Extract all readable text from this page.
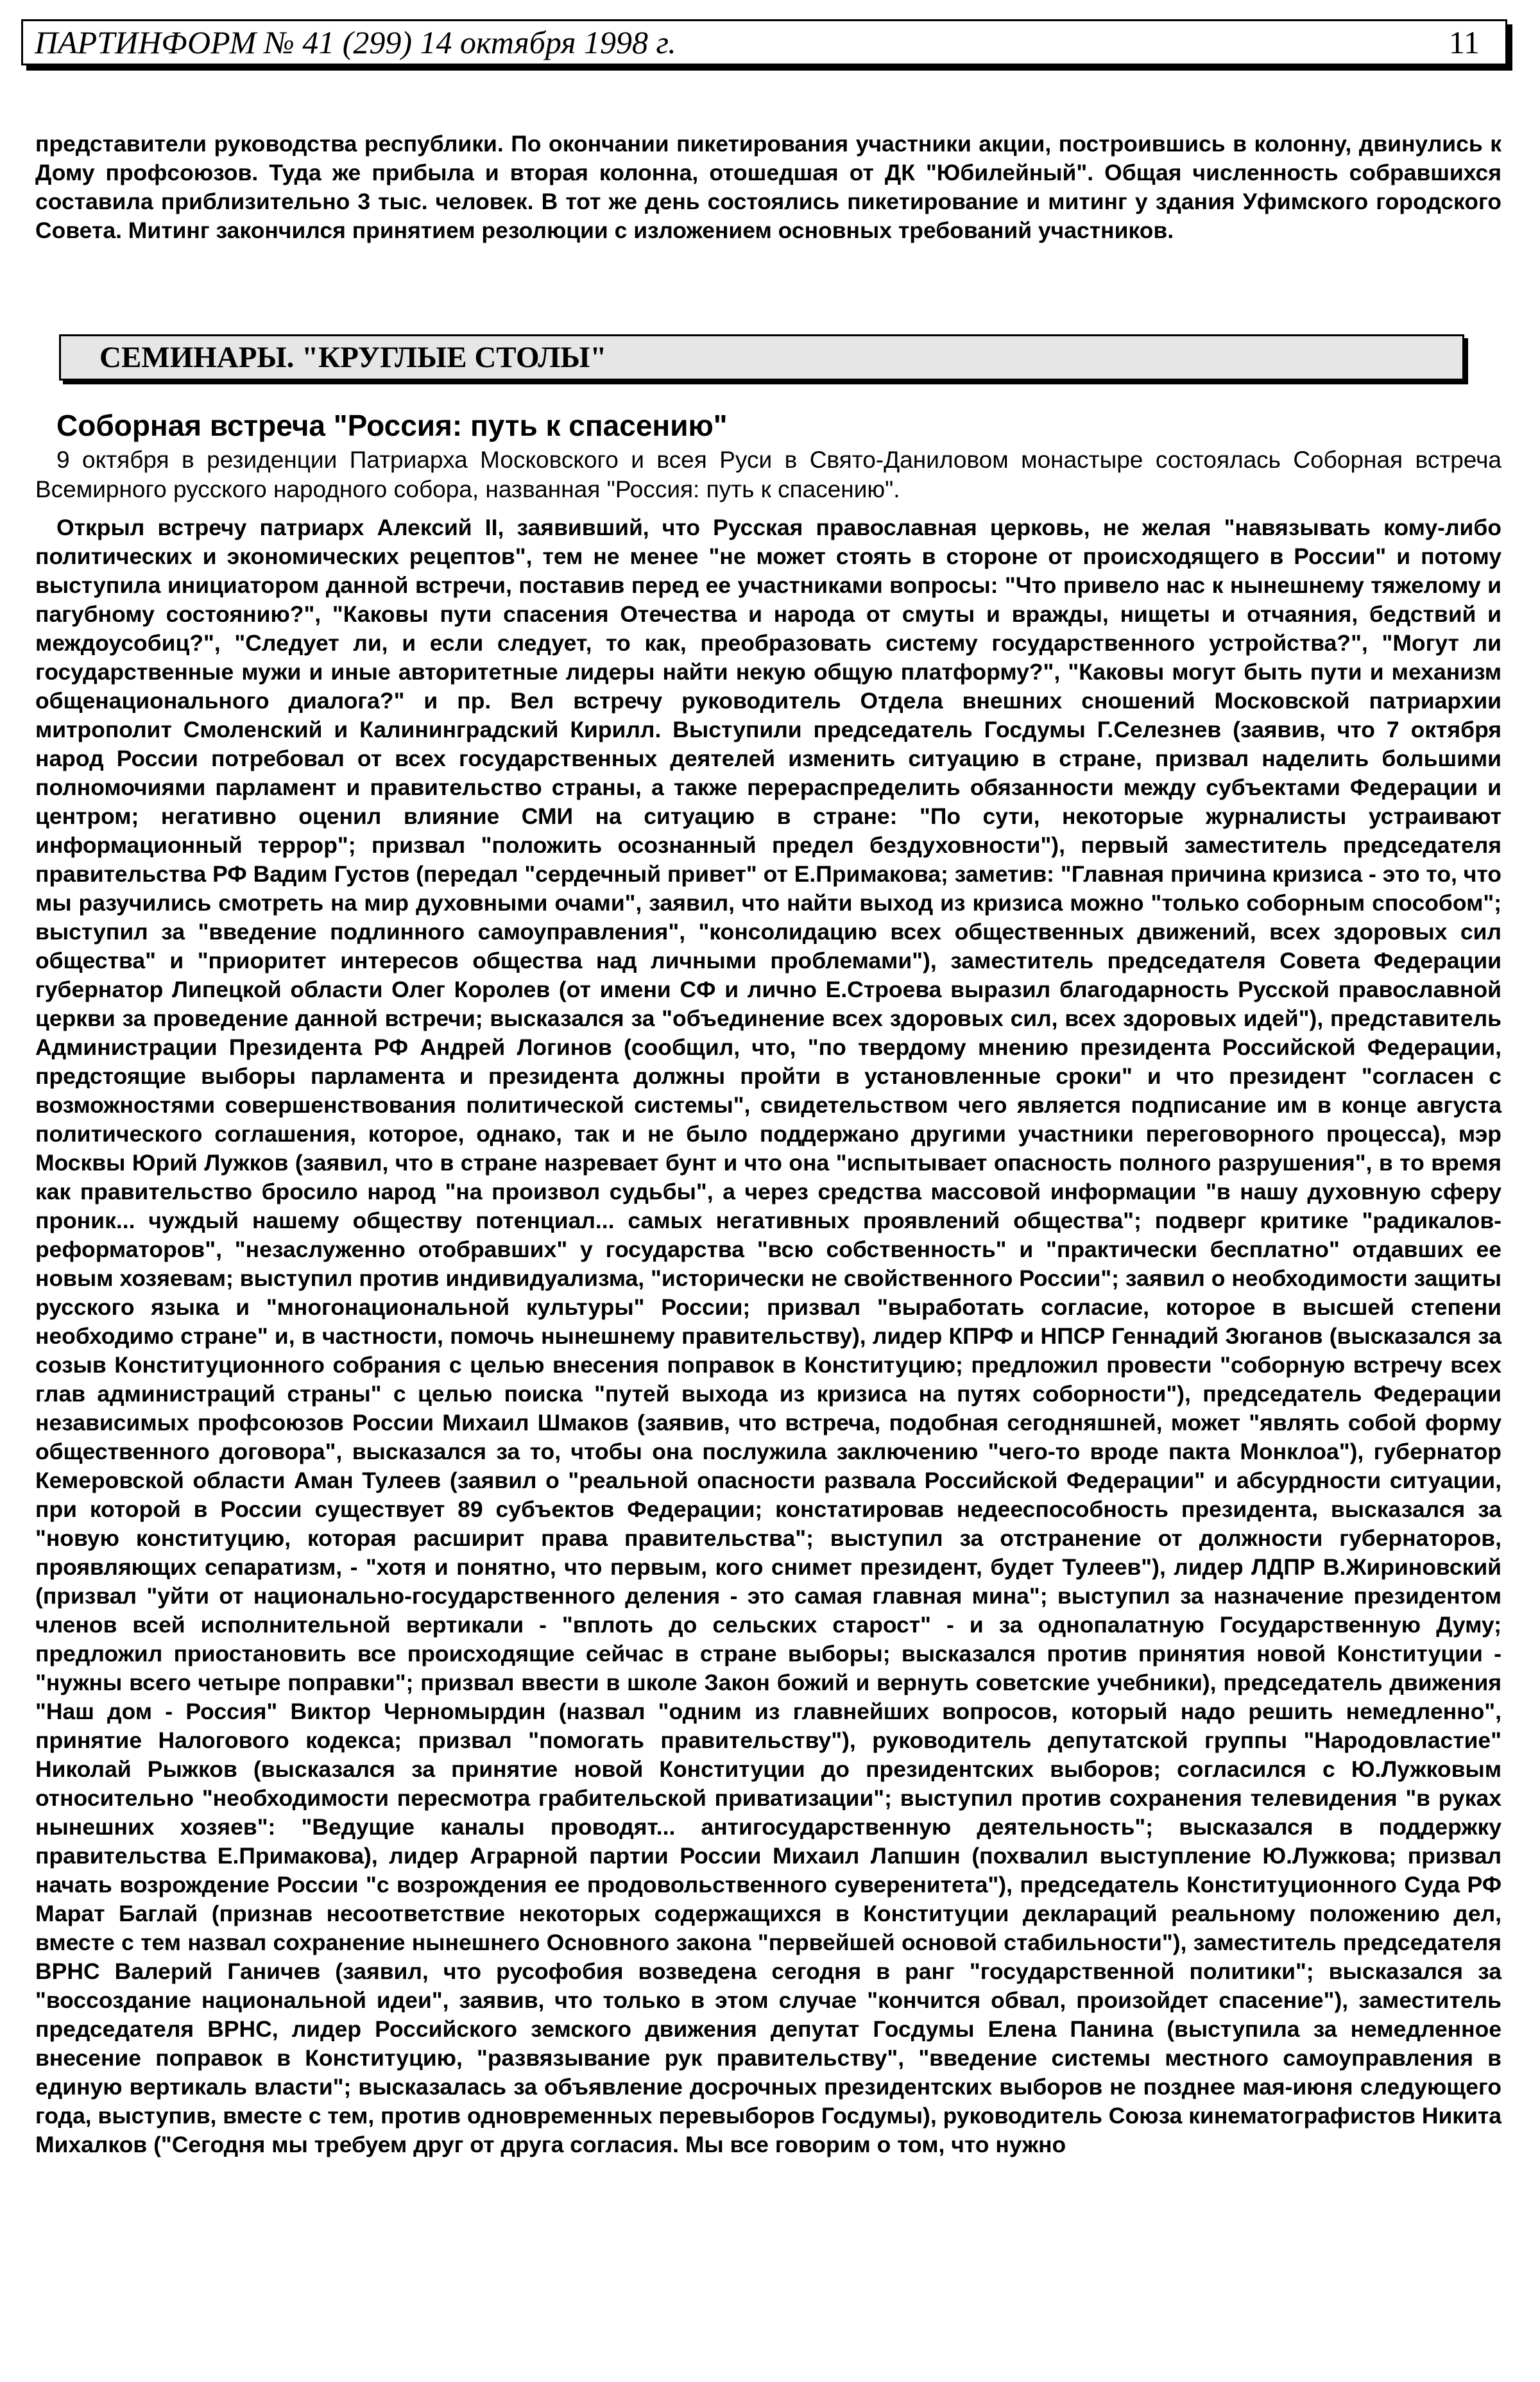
ПАРТИНФОРМ № 41 (299) 14 октября 1998 г.	11

представители руководства республики. По окончании пикетирования участники акции, построившись в колонну, двинулись к Дому профсоюзов. Туда же прибыла и вторая колонна, отошедшая от ДК "Юбилейный". Общая численность собравшихся составила приблизительно 3 тыс. человек. В тот же день состоялись пикетирование и митинг у здания Уфимского городского Совета. Митинг закончился принятием резолюции с изложением основных требований участников.

СЕМИНАРЫ. "КРУГЛЫЕ СТОЛЫ"
Соборная встреча "Россия: путь к спасению"

9 октября в резиденции Патриарха Московского и всея Руси в Свято-Даниловом монастыре состоялась Соборная встреча Всемирного русского народного собора, названная "Россия: путь к спасению".

Открыл встречу патриарх Алексий II, заявивший, что Русская православная церковь, не желая "навязывать кому-либо политических и экономических рецептов", тем не менее "не может стоять в стороне от происходящего в России" и потому выступила инициатором данной встречи, поставив перед ее участниками вопросы: "Что привело нас к нынешнему тяжелому и пагубному состоянию?", "Каковы пути спасения Отечества и народа от смуты и вражды, нищеты и отчаяния, бедствий и междоусобиц?", "Следует ли, и если следует, то как, преобразовать систему государственного устройства?", "Могут ли государственные мужи и иные авторитетные лидеры найти некую общую платформу?", "Каковы могут быть пути и механизм общенационального диалога?" и пр. Вел встречу руководитель Отдела внешних сношений Московской патриархии митрополит Смоленский и Калининградский Кирилл. Выступили председатель Госдумы Г.Селезнев (заявив, что 7 октября народ России потребовал от всех государственных деятелей изменить ситуацию в стране, призвал наделить большими полномочиями парламент и правительство страны, а также перераспределить обязанности между субъектами Федерации и центром; негативно оценил влияние СМИ на ситуацию в стране: "По сути, некоторые журналисты устраивают информационный террор"; призвал "положить осознанный предел бездуховности"), первый заместитель председателя правительства РФ Вадим Густов (передал "сердечный привет" от Е.Примакова; заметив: "Главная причина кризиса - это то, что мы разучились смотреть на мир духовными очами", заявил, что найти выход из кризиса можно "только соборным способом"; выступил за "введение подлинного самоуправления", "консолидацию всех общественных движений, всех здоровых сил общества" и "приоритет интересов общества над личными проблемами"), заместитель председателя Совета Федерации губернатор Липецкой области Олег Королев (от имени СФ и лично Е.Строева выразил благодарность Русской православной церкви за проведение данной встречи; высказался за "объединение всех здоровых сил, всех здоровых идей"), представитель Администрации Президента РФ Андрей Логинов (сообщил, что, "по твердому мнению президента Российской Федерации, предстоящие выборы парламента и президента должны пройти в установленные сроки" и что президент "согласен с возможностями совершенствования политической системы", свидетельством чего является подписание им в конце августа политического соглашения, которое, однако, так и не было поддержано другими участники переговорного процесса), мэр Москвы Юрий Лужков (заявил, что в стране назревает бунт и что она "испытывает опасность полного разрушения", в то время как правительство бросило народ "на произвол судьбы", а через средства массовой информации "в нашу духовную сферу проник... чуждый нашему обществу потенциал... самых негативных проявлений общества"; подверг критике "радикалов-реформаторов", "незаслуженно отобравших" у государства "всю собственность" и "практически бесплатно" отдавших ее новым хозяевам; выступил против индивидуализма, "исторически не свойственного России"; заявил о необходимости защиты русского языка и "многонациональной культуры" России; призвал "выработать согласие, которое в высшей степени необходимо стране" и, в частности, помочь нынешнему правительству), лидер КПРФ и НПСР Геннадий Зюганов (высказался за созыв Конституционного собрания с целью внесения поправок в Конституцию; предложил провести "соборную встречу всех глав администраций страны" с целью поиска "путей выхода из кризиса на путях соборности"), председатель Федерации независимых профсоюзов России Михаил Шмаков (заявив, что встреча, подобная сегодняшней, может "являть собой форму общественного договора", высказался за то, чтобы она послужила заключению "чего-то вроде пакта Монклоа"), губернатор Кемеровской области Аман Тулеев (заявил о "реальной опасности развала Российской Федерации" и абсурдности ситуации, при которой в России существует 89 субъектов Федерации; констатировав недееспособность президента, высказался за "новую конституцию, которая расширит права правительства"; выступил за отстранение от должности губернаторов, проявляющих сепаратизм, - "хотя и понятно, что первым, кого снимет президент, будет Тулеев"), лидер ЛДПР В.Жириновский (призвал "уйти от национально-государственного деления - это самая главная мина"; выступил за назначение президентом членов всей исполнительной вертикали - "вплоть до сельских старост" - и за однопалатную Государственную Думу; предложил приостановить все происходящие сейчас в стране выборы; высказался против принятия новой Конституции - "нужны всего четыре поправки"; призвал ввести в школе Закон божий и вернуть советские учебники), председатель движения "Наш дом - Россия" Виктор Черномырдин (назвал "одним из главнейших вопросов, который надо решить немедленно", принятие Налогового кодекса; призвал "помогать правительству"), руководитель депутатской группы "Народовластие" Николай Рыжков (высказался за принятие новой Конституции до президентских выборов; согласился с Ю.Лужковым относительно "необходимости пересмотра грабительской приватизации"; выступил против сохранения телевидения "в руках нынешних хозяев": "Ведущие каналы проводят... антигосударственную деятельность"; высказался в поддержку правительства Е.Примакова), лидер Аграрной партии России Михаил Лапшин (похвалил выступление Ю.Лужкова; призвал начать возрождение России "с возрождения ее продовольственного суверенитета"), председатель Конституционного Суда РФ Марат Баглай (признав несоответствие некоторых содержащихся в Конституции деклараций реальному положению дел, вместе с тем назвал сохранение нынешнего Основного закона "первейшей основой стабильности"), заместитель председателя ВРНС Валерий Ганичев (заявил, что русофобия возведена сегодня в ранг "государственной политики"; высказался за "воссоздание национальной идеи", заявив, что только в этом случае "кончится обвал, произойдет спасение"), заместитель председателя ВРНС, лидер Российского земского движения депутат Госдумы Елена Панина (выступила за немедленное внесение поправок в Конституцию, "развязывание рук правительству", "введение системы местного самоуправления в единую вертикаль власти"; высказалась за объявление досрочных президентских выборов не позднее мая-июня следующего года, выступив, вместе с тем, против одновременных перевыборов Госдумы), руководитель Союза кинематографистов Никита Михалков ("Сегодня мы требуем друг от друга согласия. Мы все говорим о том, что нужно
